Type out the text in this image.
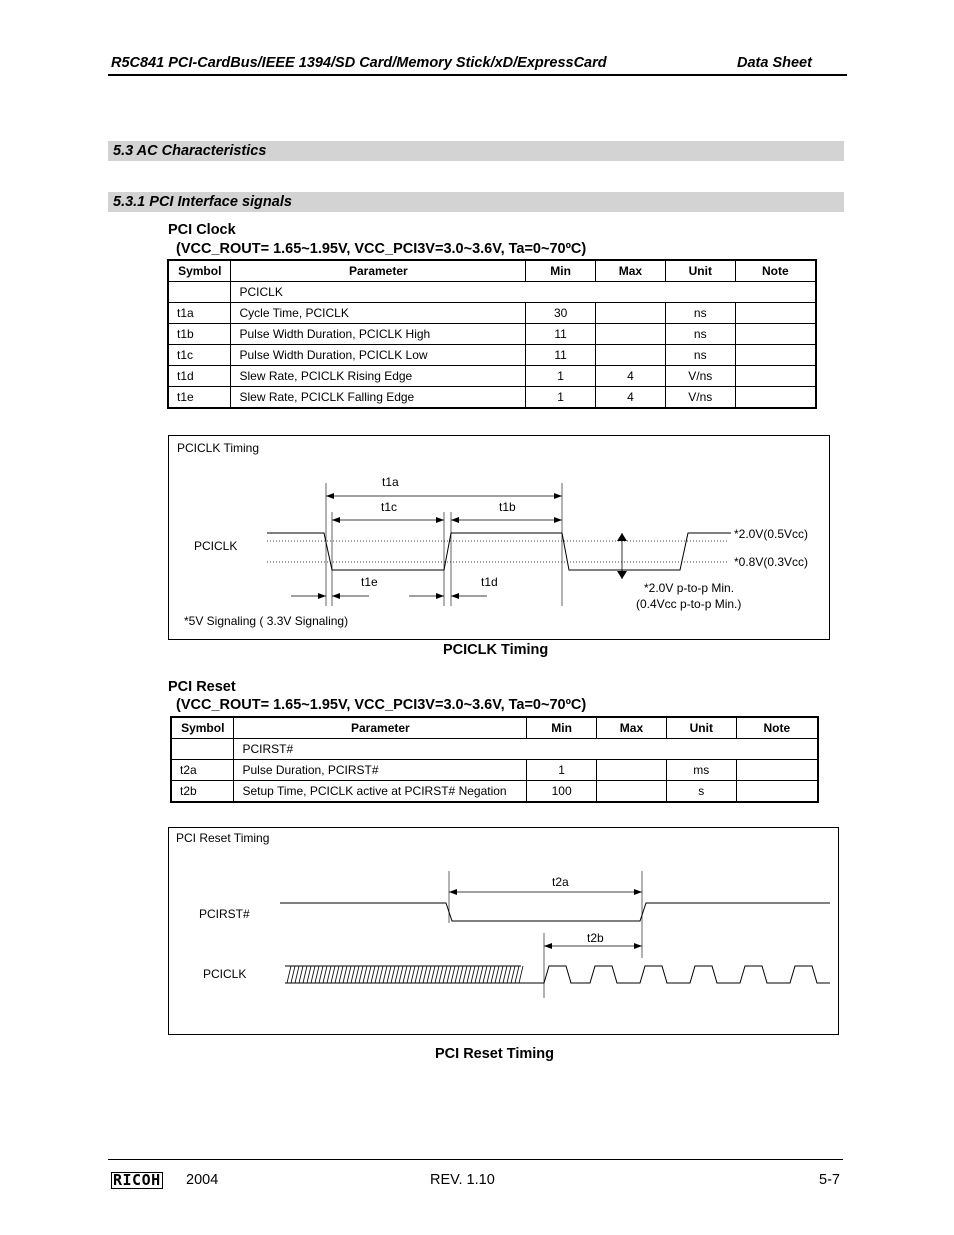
R5C841 PCI-CardBus/IEEE 1394/SD Card/Memory Stick/xD/ExpressCard	Data Sheet
5.3 AC Characteristics
5.3.1 PCI Interface signals
PCI Clock
(VCC_ROUT= 1.65~1.95V, VCC_PCI3V=3.0~3.6V, Ta=0~70ºC)
Symbol	Parameter	Min	Max	Unit	Note
	PCICLK				
t1a	Cycle Time, PCICLK	30		ns	
t1b	Pulse Width Duration, PCICLK High	11		ns	
t1c	Pulse Width Duration, PCICLK Low	11		ns	
t1d	Slew Rate, PCICLK Rising Edge	1	4	V/ns	
t1e	Slew Rate, PCICLK Falling Edge	1	4	V/ns	
PCICLK Timing
PCICLK
t1a
t1c	t1b
t1e	t1d
*2.0V(0.5Vcc)
*0.8V(0.3Vcc)
*2.0V p-to-p Min.
(0.4Vcc p-to-p Min.)
*5V Signaling ( 3.3V Signaling)
PCICLK Timing
PCI Reset
(VCC_ROUT= 1.65~1.95V, VCC_PCI3V=3.0~3.6V, Ta=0~70ºC)
Symbol	Parameter	Min	Max	Unit	Note
	PCIRST#				
t2a	Pulse Duration, PCIRST#	1		ms	
t2b	Setup Time, PCICLK active at PCIRST# Negation	100		s	
PCI Reset Timing
PCIRST#
PCICLK
t2a
t2b
PCI Reset Timing
RICOH 2004	REV. 1.10	5-7
